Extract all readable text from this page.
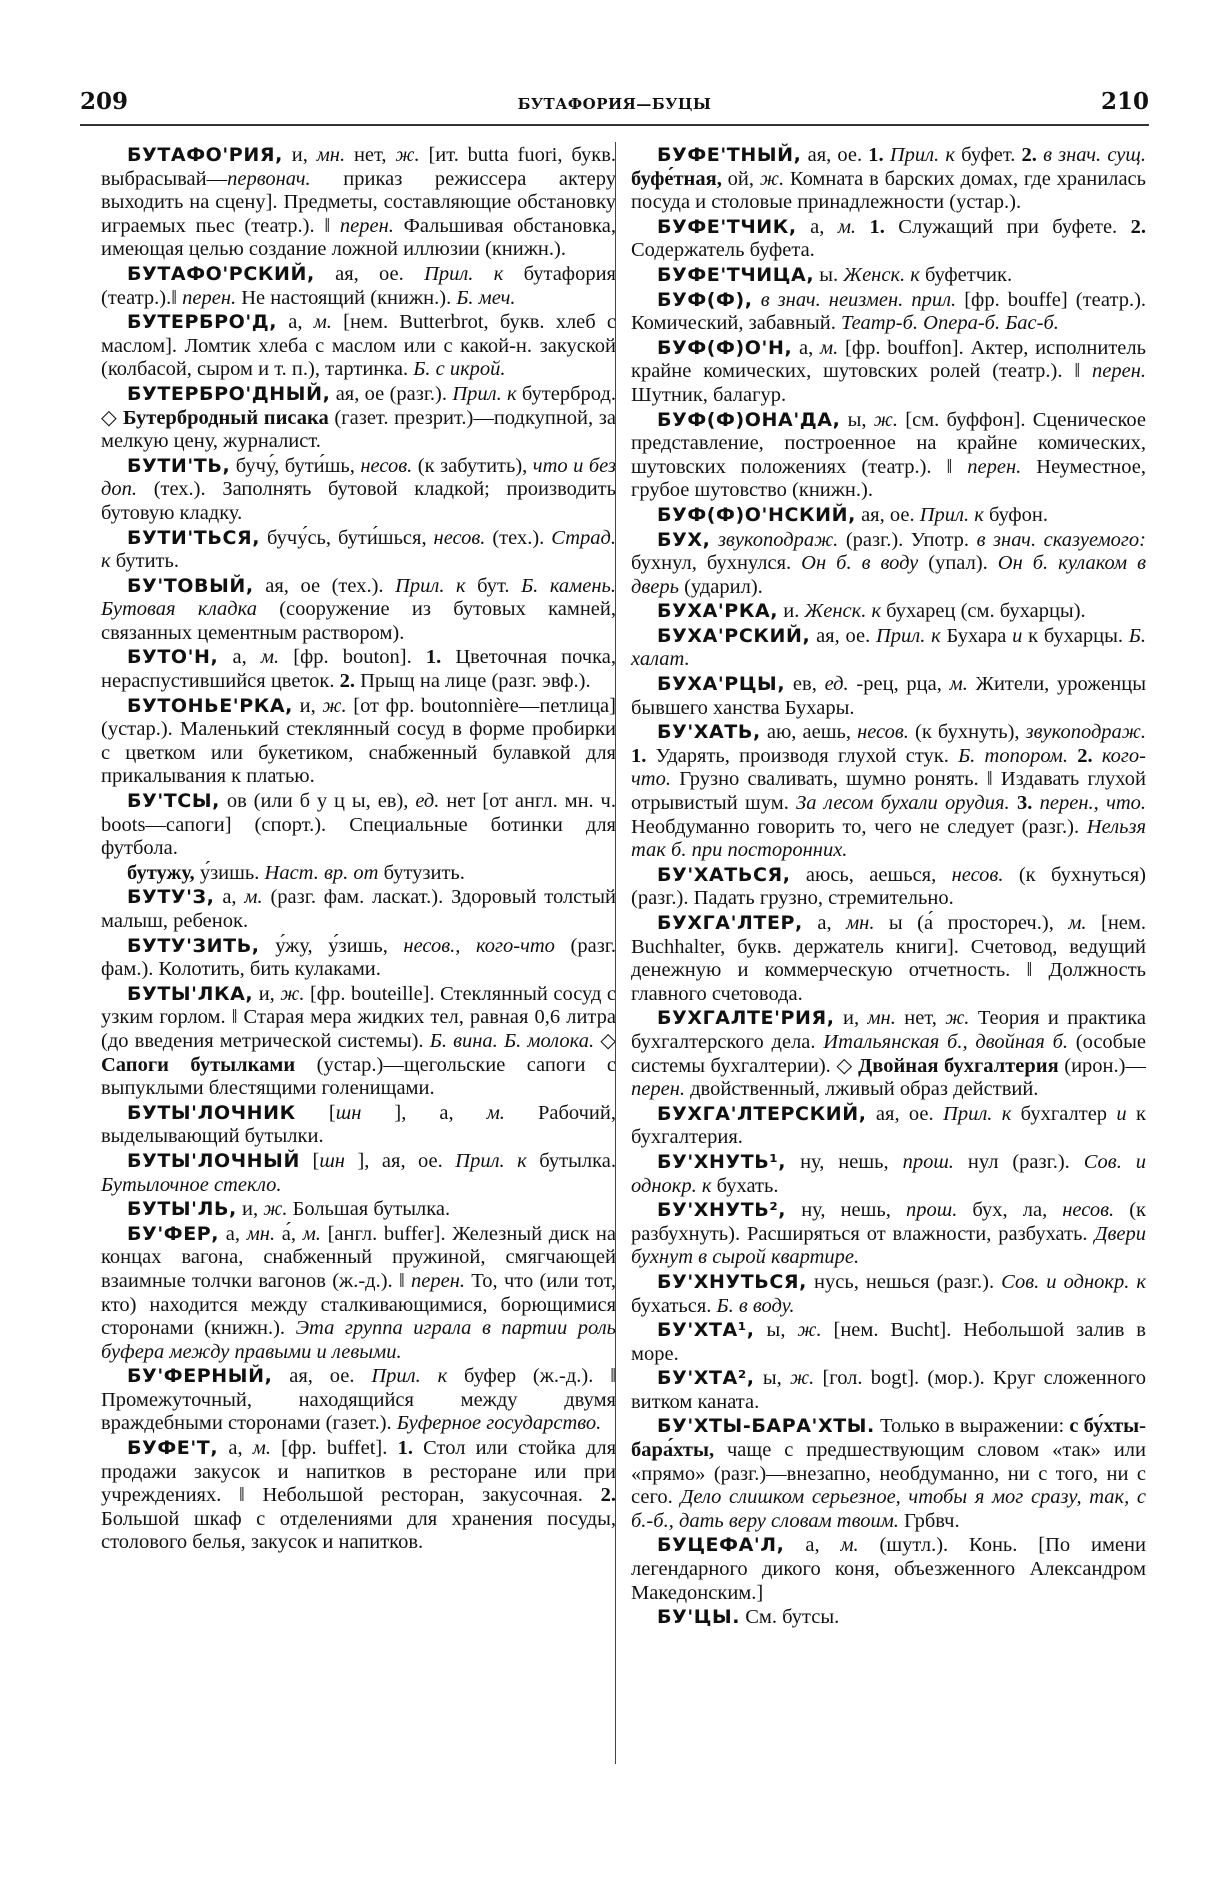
209	БУТАФОРИЯ—БУЦЫ	210

БУТАФО'РИЯ, и, мн. нет, ж. [ит. butta fuori, букв. выбрасывай—первонач. приказ режиссера актеру выходить на сцену]. Предметы, составляющие обстановку играемых пьес (театр.). ‖ перен. Фальшивая обстановка, имеющая целью создание ложной иллюзии (книжн.).

БУТАФО'РСКИЙ, ая, ое. Прил. к бутафория (театр.).‖ перен. Не настоящий (книжн.). Б. меч.

БУТЕРБРО'Д, а, м. [нем. Butterbrot, букв. хлеб с маслом]. Ломтик хлеба с маслом или с какой-н. закуской (колбасой, сыром и т. п.), тартинка. Б. с икрой.

БУТЕРБРО'ДНЫЙ, ая, ое (разг.). Прил. к бутерброд. ◇ Бутербродный писака (газет. презрит.)—подкупной, за мелкую цену, журналист.

БУТИ'ТЬ, бучу́, бути́шь, несов. (к забутить), что и без доп. (тех.). Заполнять бутовой кладкой; производить бутовую кладку.

БУТИ'ТЬСЯ, бучу́сь, бути́шься, несов. (тех.). Страд. к бутить.

БУ'ТОВЫЙ, ая, ое (тех.). Прил. к бут. Б. камень. Бутовая кладка (сооружение из бутовых камней, связанных цементным раствором).

БУТО'Н, а, м. [фр. bouton]. 1. Цветочная почка, нераспустившийся цветок. 2. Прыщ на лице (разг. эвф.).

БУТОНЬЕ'РКА, и, ж. [от фр. boutonnière—петлица] (устар.). Маленький стеклянный сосуд в форме пробирки с цветком или букетиком, снабженный булавкой для прикалывания к платью.

БУ'ТСЫ, ов (или б у ц ы, ев), ед. нет [от англ. мн. ч. boots—сапоги] (спорт.). Специальные ботинки для футбола.

бутужу, у́зишь. Наст. вр. от бутузить.

БУТУ'З, а, м. (разг. фам. ласкат.). Здоровый толстый малыш, ребенок.

БУТУ'ЗИТЬ, у́жу, у́зишь, несов., кого-что (разг. фам.). Колотить, бить кулаками.

БУТЫ'ЛКА, и, ж. [фр. bouteille]. Стеклянный сосуд с узким горлом. ‖ Старая мера жидких тел, равная 0,6 литра (до введения метрической системы). Б. вина. Б. молока. ◇ Сапоги бутылками (устар.)—щегольские сапоги с выпуклыми блестящими голенищами.

БУТЫ'ЛОЧНИК [шн ], а, м. Рабочий, выделывающий бутылки.

БУТЫ'ЛОЧНЫЙ [шн ], ая, ое. Прил. к бутылка. Бутылочное стекло.

БУТЫ'ЛЬ, и, ж. Большая бутылка.

БУ'ФЕР, а, мн. а́, м. [англ. buffer]. Железный диск на концах вагона, снабженный пружиной, смягчающей взаимные толчки вагонов (ж.-д.). ‖ перен. То, что (или тот, кто) находится между сталкивающимися, борющимися сторонами (книжн.). Эта группа играла в партии роль буфера между правыми и левыми.

БУ'ФЕРНЫЙ, ая, ое. Прил. к буфер (ж.-д.). ‖ Промежуточный, находящийся между двумя враждебными сторонами (газет.). Буферное государство.

БУФЕ'Т, а, м. [фр. buffet]. 1. Стол или стойка для продажи закусок и напитков в ресторане или при учреждениях. ‖ Небольшой ресторан, закусочная. 2. Большой шкаф с отделениями для хранения посуды, столового белья, закусок и напитков.

БУФЕ'ТНЫЙ, ая, ое. 1. Прил. к буфет. 2. в знач. сущ. буфе́тная, ой, ж. Комната в барских домах, где хранилась посуда и столовые принадлежности (устар.).

БУФЕ'ТЧИК, а, м. 1. Служащий при буфете. 2. Содержатель буфета.

БУФЕ'ТЧИЦА, ы. Женск. к буфетчик.

БУФ(Ф), в знач. неизмен. прил. [фр. bouffe] (театр.). Комический, забавный. Театр-б. Опера-б. Бас-б.

БУФ(Ф)О'Н, а, м. [фр. bouffon]. Актер, исполнитель крайне комических, шутовских ролей (театр.). ‖ перен. Шутник, балагур.

БУФ(Ф)ОНА'ДА, ы, ж. [см. буффон]. Сценическое представление, построенное на крайне комических, шутовских положениях (театр.). ‖ перен. Неуместное, грубое шутовство (книжн.).

БУФ(Ф)О'НСКИЙ, ая, ое. Прил. к буфон.

БУХ, звукоподраж. (разг.). Употр. в знач. сказуемого: бухнул, бухнулся. Он б. в воду (упал). Он б. кулаком в дверь (ударил).

БУХА'РКА, и. Женск. к бухарец (см. бухарцы).

БУХА'РСКИЙ, ая, ое. Прил. к Бухара и к бухарцы. Б. халат.

БУХА'РЦЫ, ев, ед. -рец, рца, м. Жители, уроженцы бывшего ханства Бухары.

БУ'ХАТЬ, аю, аешь, несов. (к бухнуть), звукоподраж. 1. Ударять, производя глухой стук. Б. топором. 2. кого-что. Грузно сваливать, шумно ронять. ‖ Издавать глухой отрывистый шум. За лесом бухали орудия. 3. перен., что. Необдуманно говорить то, чего не следует (разг.). Нельзя так б. при посторонних.

БУ'ХАТЬСЯ, аюсь, аешься, несов. (к бухнуться) (разг.). Падать грузно, стремительно.

БУХГА'ЛТЕР, а, мн. ы (а́ простореч.), м. [нем. Buchhalter, букв. держатель книги]. Счетовод, ведущий денежную и коммерческую отчетность. ‖ Должность главного счетовода.

БУХГАЛТЕ'РИЯ, и, мн. нет, ж. Теория и практика бухгалтерского дела. Итальянская б., двойная б. (особые системы бухгалтерии). ◇ Двойная бухгалтерия (ирон.)—перен. двойственный, лживый образ действий.

БУХГА'ЛТЕРСКИЙ, ая, ое. Прил. к бухгалтер и к бухгалтерия.

БУ'ХНУТЬ¹, ну, нешь, прош. нул (разг.). Сов. и однокр. к бухать.

БУ'ХНУТЬ², ну, нешь, прош. бух, ла, несов. (к разбухнуть). Расширяться от влажности, разбухать. Двери бухнут в сырой квартире.

БУ'ХНУТЬСЯ, нусь, нешься (разг.). Сов. и однокр. к бухаться. Б. в воду.

БУ'ХТА¹, ы, ж. [нем. Bucht]. Небольшой залив в море.

БУ'ХТА², ы, ж. [гол. bogt]. (мор.). Круг сложенного витком каната.

БУ'ХТЫ-БАРА'ХТЫ. Только в выражении: с бу́хты-бара́хты, чаще с предшествующим словом «так» или «прямо» (разг.)—внезапно, необдуманно, ни с того, ни с сего. Дело слишком серьезное, чтобы я мог сразу, так, с б.-б., дать веру словам твоим. Грбвч.

БУЦЕФА'Л, а, м. (шутл.). Конь. [По имени легендарного дикого коня, объезженного Александром Македонским.]

БУ'ЦЫ. См. бутсы.
